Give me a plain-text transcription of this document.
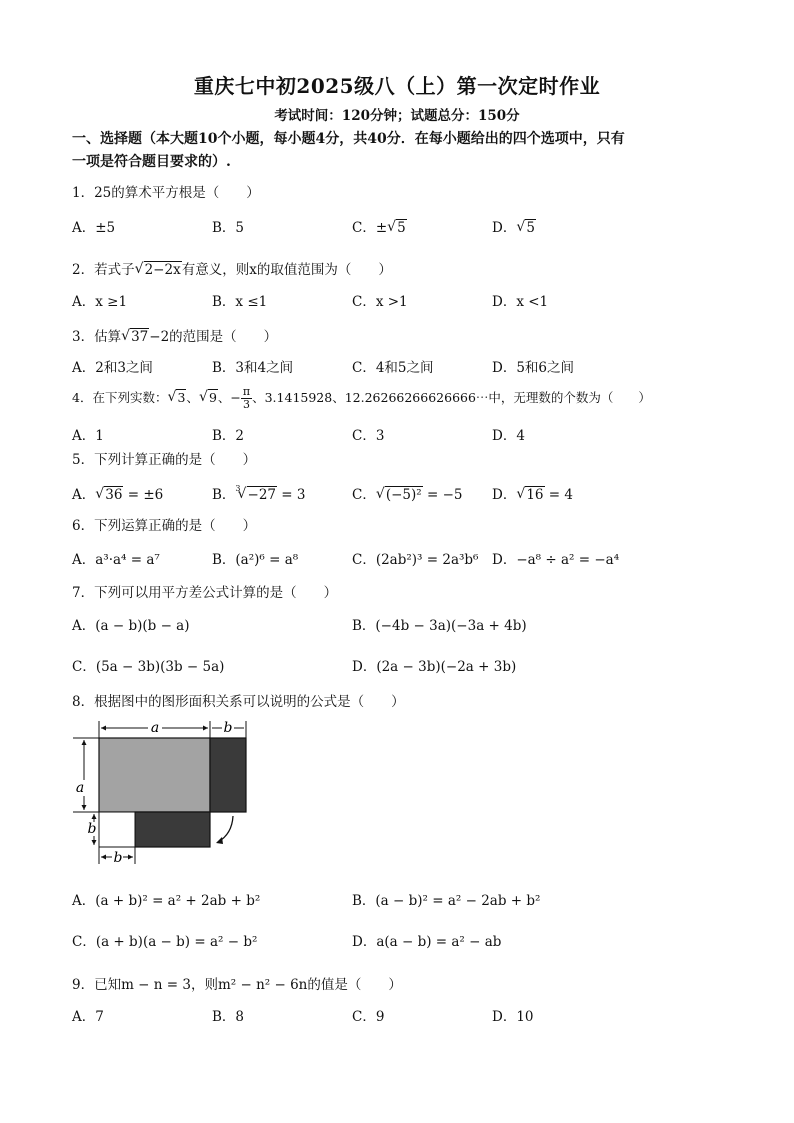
重庆七中初2025级八（上）第一次定时作业
考试时间：120分钟；试题总分：150分
一、选择题（本大题10个小题，每小题4分，共40分．在每小题给出的四个选项中，只有
一项是符合题目要求的）.
1．25的算术平方根是（　　）
A．±5	B．5	C．± √ 5	D． √ 5
2．若式子 √ 2−2x有意义，则x的取值范围为（　　）
A．x ≥1	B．x ≤1	C．x >1	D．x <1
3．估算 √ 37−2的范围是（　　）
A．2和3之间	B．3和4之间	C．4和5之间	D．5和6之间
4．在下列实数： √ 3、 √ 9、− $\frac{\pi}{3}$ 、3.141592̇8̇、12.26266266626666⋯中，无理数的个数为（　　）
A．1	B．2	C．3	D．4
5．下列计算正确的是（　　）
A． √ 36 = ±6	B．$^3$ √ −27 = 3	C． √ (−5)² = −5 D． √ 16 = 4
6．下列运算正确的是（　　）
A．a³·a⁴ = a⁷	B．(a²)⁶ = a⁸	C．(2ab²)³ = 2a³b⁶ D．−a⁸ ÷ a² = −a⁴
7．下列可以用平方差公式计算的是（　　）
A．(a − b)(b − a)	B．(−4b − 3a)(−3a + 4b)
C．(5a − 3b)(3b − 5a)	D．(2a − 3b)(−2a + 3b)
8．根据图中的图形面积关系可以说明的公式是（　　）
a	b
a
b
b
A．(a + b)² = a² + 2ab + b²	B．(a − b)² = a² − 2ab + b²
C．(a + b)(a − b) = a² − b²	D．a(a − b) = a² − ab
9．已知m − n = 3，则m² − n² − 6n的值是（　　）
A．7	B．8	C．9	D．10
